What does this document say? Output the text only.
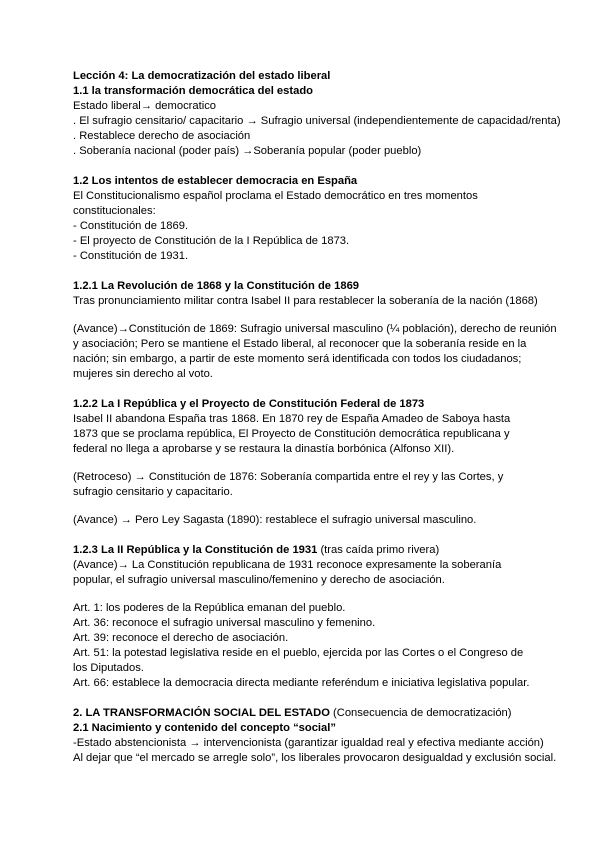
Lección 4: La democratización del estado liberal
1.1 la transformación democrática del estado
Estado liberal→ democratico
. El sufragio censitario/ capacitario → Sufragio universal (independientemente de capacidad/renta)
. Restablece derecho de asociación
. Soberanía nacional (poder país) →Soberanía popular (poder pueblo)
1.2 Los intentos de establecer democracia en España
El Constitucionalismo español proclama el Estado democrático en tres momentos
constitucionales:
- Constitución de 1869.
- El proyecto de Constitución de la I República de 1873.
- Constitución de 1931.
1.2.1 La Revolución de 1868 y la Constitución de 1869
Tras pronunciamiento militar contra Isabel II para restablecer la soberanía de la nación (1868)
(Avance)→Constitución de 1869: Sufragio universal masculino (¼ población), derecho de reunión
y asociación; Pero se mantiene el Estado liberal, al reconocer que la soberanía reside en la
nación; sin embargo, a partir de este momento será identificada con todos los ciudadanos;
mujeres sin derecho al voto.
1.2.2 La I República y el Proyecto de Constitución Federal de 1873
Isabel II abandona España tras 1868. En 1870 rey de España Amadeo de Saboya hasta
1873 que se proclama república, El Proyecto de Constitución democrática republicana y
federal no llega a aprobarse y se restaura la dinastía borbónica (Alfonso XII).
(Retroceso) → Constitución de 1876: Soberanía compartida entre el rey y las Cortes, y
sufragio censitario y capacitario.
(Avance) → Pero Ley Sagasta (1890): restablece el sufragio universal masculino.
1.2.3 La II República y la Constitución de 1931 (tras caída primo rivera)
(Avance)→ La Constitución republicana de 1931 reconoce expresamente la soberanía
popular, el sufragio universal masculino/femenino y derecho de asociación.
Art. 1: los poderes de la República emanan del pueblo.
Art. 36: reconoce el sufragio universal masculino y femenino.
Art. 39: reconoce el derecho de asociación.
Art. 51: la potestad legislativa reside en el pueblo, ejercida por las Cortes o el Congreso de
los Diputados.
Art. 66: establece la democracia directa mediante referéndum e iniciativa legislativa popular.
2. LA TRANSFORMACIÓN SOCIAL DEL ESTADO (Consecuencia de democratización)
2.1 Nacimiento y contenido del concepto “social”
-Estado abstencionista → intervencionista (garantizar igualdad real y efectiva mediante acción)
Al dejar que “el mercado se arregle solo”, los liberales provocaron desigualdad y exclusión social.
